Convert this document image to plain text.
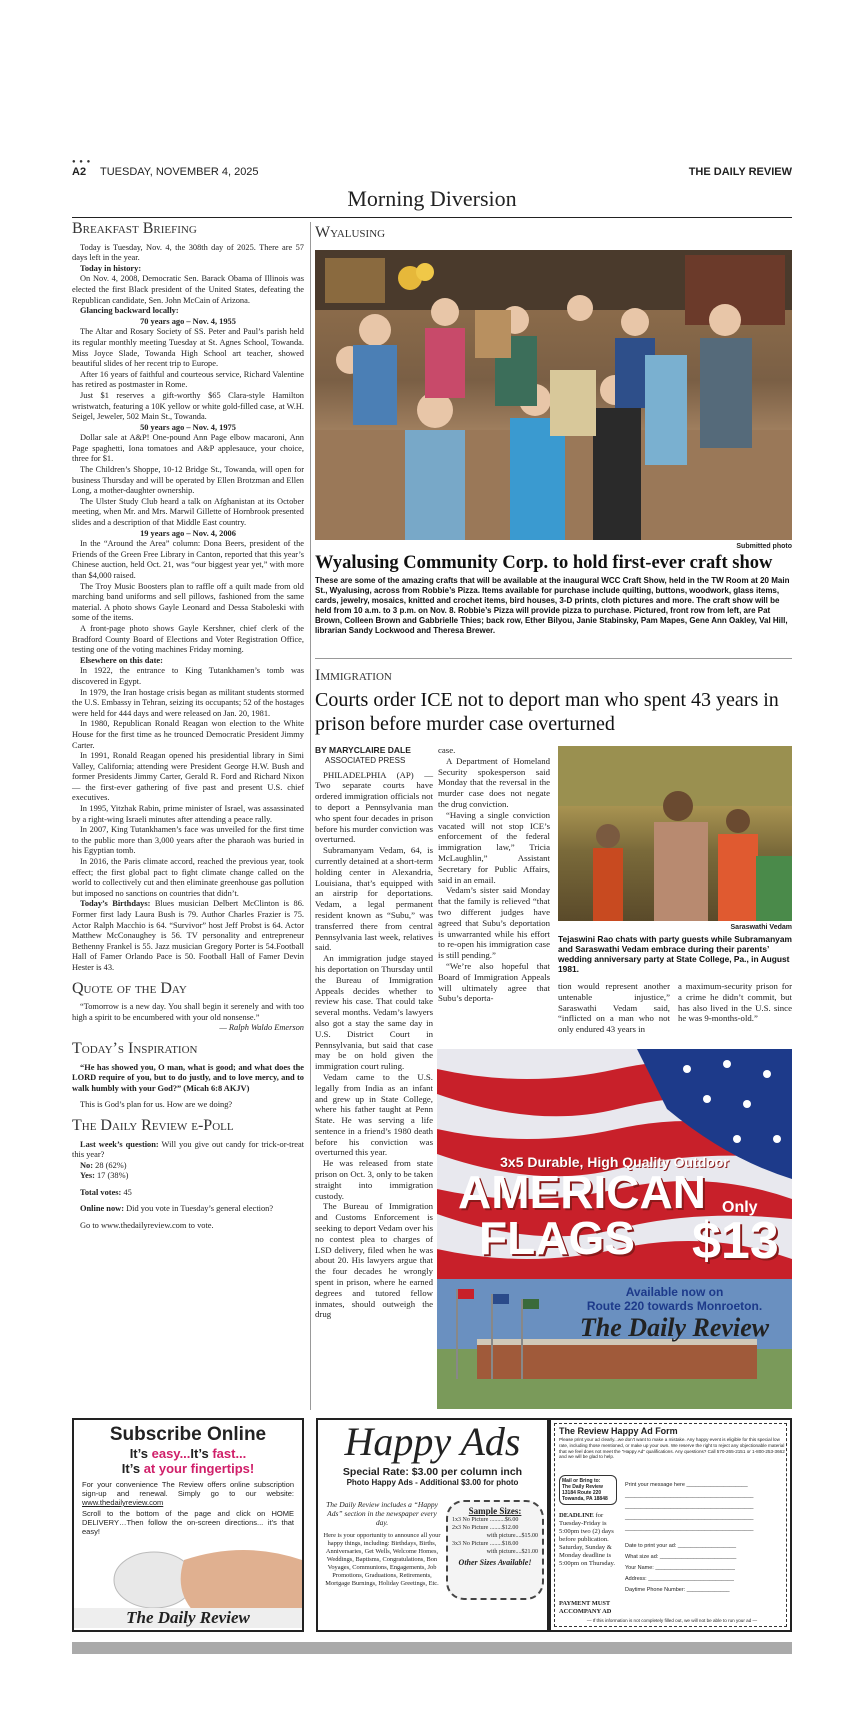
● ● ●
A2 TUESDAY, NOVEMBER 4, 2025	THE DAILY REVIEW
Morning Diversion
Breakfast Briefing

Today is Tuesday, Nov. 4, the 308th day of 2025. There are 57 days left in the year.

Today in history:

On Nov. 4, 2008, Democratic Sen. Barack Obama of Illinois was elected the first Black president of the United States, defeating the Republican candidate, Sen. John McCain of Arizona.

Glancing backward locally:

70 years ago – Nov. 4, 1955

The Altar and Rosary Society of SS. Peter and Paul’s parish held its regular monthly meeting Tuesday at St. Agnes School, Towanda. Miss Joyce Slade, Towanda High School art teacher, showed beautiful slides of her recent trip to Europe.

After 16 years of faithful and courteous service, Richard Valentine has retired as postmaster in Rome.

Just $1 reserves a gift-worthy $65 Clara-style Hamilton wristwatch, featuring a 10K yellow or white gold-filled case, at W.H. Seigel, Jeweler, 502 Main St., Towanda.

50 years ago – Nov. 4, 1975

Dollar sale at A&P! One-pound Ann Page elbow macaroni, Ann Page spaghetti, Iona tomatoes and A&P applesauce, your choice, three for $1.

The Children’s Shoppe, 10-12 Bridge St., Towanda, will open for business Thursday and will be operated by Ellen Brotzman and Ellen Long, a mother-daughter ownership.

The Ulster Study Club heard a talk on Afghanistan at its October meeting, when Mr. and Mrs. Marwil Gillette of Hornbrook presented slides and a description of that Middle East country.

19 years ago – Nov. 4, 2006

In the “Around the Area” column: Dona Beers, president of the Friends of the Green Free Library in Canton, reported that this year’s Chinese auction, held Oct. 21, was “our biggest year yet,” with more than $4,000 raised.

The Troy Music Boosters plan to raffle off a quilt made from old marching band uniforms and sell pillows, fashioned from the same material. A photo shows Gayle Leonard and Dessa Staboleski with some of the items.

A front-page photo shows Gayle Kershner, chief clerk of the Bradford County Board of Elections and Voter Registration Office, testing one of the voting machines Friday morning.

Elsewhere on this date:

In 1922, the entrance to King Tutankhamen’s tomb was discovered in Egypt.

In 1979, the Iran hostage crisis began as militant students stormed the U.S. Embassy in Tehran, seizing its occupants; 52 of the hostages were held for 444 days and were released on Jan. 20, 1981.

In 1980, Republican Ronald Reagan won election to the White House for the first time as he trounced Democratic President Jimmy Carter.

In 1991, Ronald Reagan opened his presidential library in Simi Valley, California; attending were President George H.W. Bush and former Presidents Jimmy Carter, Gerald R. Ford and Richard Nixon — the first-ever gathering of five past and present U.S. chief executives.

In 1995, Yitzhak Rabin, prime minister of Israel, was assassinated by a right-wing Israeli minutes after attending a peace rally.

In 2007, King Tutankhamen’s face was unveiled for the first time to the public more than 3,000 years after the pharaoh was buried in his Egyptian tomb.

In 2016, the Paris climate accord, reached the previous year, took effect; the first global pact to fight climate change called on the world to collectively cut and then eliminate greenhouse gas pollution but imposed no sanctions on countries that didn’t.

Today’s Birthdays: Blues musician Delbert McClinton is 86. Former first lady Laura Bush is 79. Author Charles Frazier is 75. Actor Ralph Macchio is 64. “Survivor” host Jeff Probst is 64. Actor Matthew McConaughey is 56. TV personality and entrepreneur Bethenny Frankel is 55. Jazz musician Gregory Porter is 54.Football Hall of Famer Orlando Pace is 50. Football Hall of Famer Devin Hester is 43.

Quote of the Day

“Tomorrow is a new day. You shall begin it serenely and with too high a spirit to be encumbered with your old nonsense.”

— Ralph Waldo Emerson

Today’s Inspiration

“He has showed you, O man, what is good; and what does the LORD require of you, but to do justly, and to love mercy, and to walk humbly with your God?” (Micah 6:8 AKJV)

This is God’s plan for us. How are we doing?

The Daily Review e-Poll

Last week’s question: Will you give out candy for trick-or-treat this year?

No: 28 (62%)

Yes: 17 (38%)

Total votes: 45

Online now: Did you vote in Tuesday’s general election?

Go to www.thedailyreview.com to vote.

Wyalusing
Submitted photo
Wyalusing Community Corp. to hold first-ever craft show

These are some of the amazing crafts that will be available at the inaugural WCC Craft Show, held in the TW Room at 20 Main St., Wyalusing, across from Robbie’s Pizza. Items available for purchase include quilting, buttons, woodwork, glass items, cards, jewelry, mosaics, knitted and crochet items, bird houses, 3-D prints, cloth pictures and more. The craft show will be held from 10 a.m. to 3 p.m. on Nov. 8. Robbie’s Pizza will provide pizza to purchase. Pictured, front row from left, are Pat Brown, Colleen Brown and Gabbrielle Thies; back row, Ether Bilyou, Janie Stabinsky, Pam Mapes, Gene Ann Oakley, Val Hill, librarian Sandy Lockwood and Theresa Brewer.

Immigration
Courts order ICE not to deport man who spent 43 years in prison before murder case overturned
BY MARYCLAIRE DALE
ASSOCIATED PRESS

PHILADELPHIA (AP) — Two separate courts have ordered immigration officials not to deport a Pennsylvania man who spent four decades in prison before his murder conviction was overturned.

Subramanyam Vedam, 64, is currently detained at a short-term holding center in Alexandria, Louisiana, that’s equipped with an airstrip for deportations. Vedam, a legal permanent resident known as “Subu,” was transferred there from central Pennsylvania last week, relatives said.

An immigration judge stayed his deportation on Thursday until the Bureau of Immigration Appeals decides whether to review his case. That could take several months. Vedam’s lawyers also got a stay the same day in U.S. District Court in Pennsylvania, but said that case may be on hold given the immigration court ruling.

Vedam came to the U.S. legally from India as an infant and grew up in State College, where his father taught at Penn State. He was serving a life sentence in a friend’s 1980 death before his conviction was overturned this year.

He was released from state prison on Oct. 3, only to be taken straight into immigration custody.

The Bureau of Immigration and Customs Enforcement is seeking to deport Vedam over his no contest plea to charges of LSD delivery, filed when he was about 20. His lawyers argue that the four decades he wrongly spent in prison, where he earned degrees and tutored fellow inmates, should outweigh the drug

case.

A Department of Homeland Security spokesperson said Monday that the reversal in the murder case does not negate the drug conviction.

“Having a single conviction vacated will not stop ICE’s enforcement of the federal immigration law,” Tricia McLaughlin,” Assistant Secretary for Public Affairs, said in an email.

Vedam’s sister said Monday that the family is relieved “that two different judges have agreed that Subu’s deportation is unwarranted while his effort to re-open his immigration case is still pending.”

“We’re also hopeful that Board of Immigration Appeals will ultimately agree that Subu’s deporta-

Saraswathi Vedam

Tejaswini Rao chats with party guests while Subramanyam and Saraswathi Vedam embrace during their parents’ wedding anniversary party at State College, Pa., in August 1981.

tion would represent another untenable injustice,” Saraswathi Vedam said, “inflicted on a man who not only endured 43 years in

a maximum-security prison for a crime he didn’t commit, but has also lived in the U.S. since he was 9-months-old.”

3x5 Durable, High Quality Outdoor
AMERICAN
FLAGS
Only
$13
Available now on
Route 220 towards Monroeton.
The Daily Review
Subscribe Online
It’s easy...It’s fast...
It’s at your fingertips!
For your convenience The Review offers online subscription sign-up and renewal. Simply go to our website: www.thedailyreview.com
Scroll to the bottom of the page and click on HOME DELIVERY…Then follow the on-screen directions... it’s that easy!
The Daily Review
Happy Ads
Special Rate: $3.00 per column inch
Photo Happy Ads - Additional $3.00 for photo
The Daily Review includes a “Happy Ads” section in the newspaper every day.
Here is your opportunity to announce all your happy things, including: Birthdays, Births, Anniversaries, Get Wells, Welcome Homes, Weddings, Baptisms, Congratulations, Bon Voyages, Communions, Engagements, Job Promotions, Graduations, Retirements, Mortgage Burnings, Holiday Greetings, Etc.
Sample Sizes:
1x3 No Picture ..........$6.00
2x3 No Picture ........$12.00
with picture....$15.00
3x3 No Picture ........$18.00
with picture....$21.00
Other Sizes Available!
The Review Happy Ad Form
Please print your ad clearly...we don't want to make a mistake. Any happy event is eligible for this special low rate, including those mentioned, or make up your own. We reserve the right to reject any objectionable material that we feel does not meet the “Happy Ad” qualifications. Any questions? Call 570-265-2151 or 1-800-253-3662 and we will be glad to help.
Mail or Bring to:
The Daily Review
13184 Route 220
Towanda, PA 18848
DEADLINE for Tuesday-Friday is 5:00pm two (2) days before publication. Saturday, Sunday & Monday deadline is 5:00pm on Thursday.
PAYMENT MUST ACCOMPANY AD
Print your message here ____________________
__________________________________________
__________________________________________
__________________________________________
__________________________________________
Date to print your ad: ___________________
What size ad: _________________________
Your Name: __________________________
Address: ____________________________
Daytime Phone Number: ______________
— If this information is not completely filled out, we will not be able to run your ad —
